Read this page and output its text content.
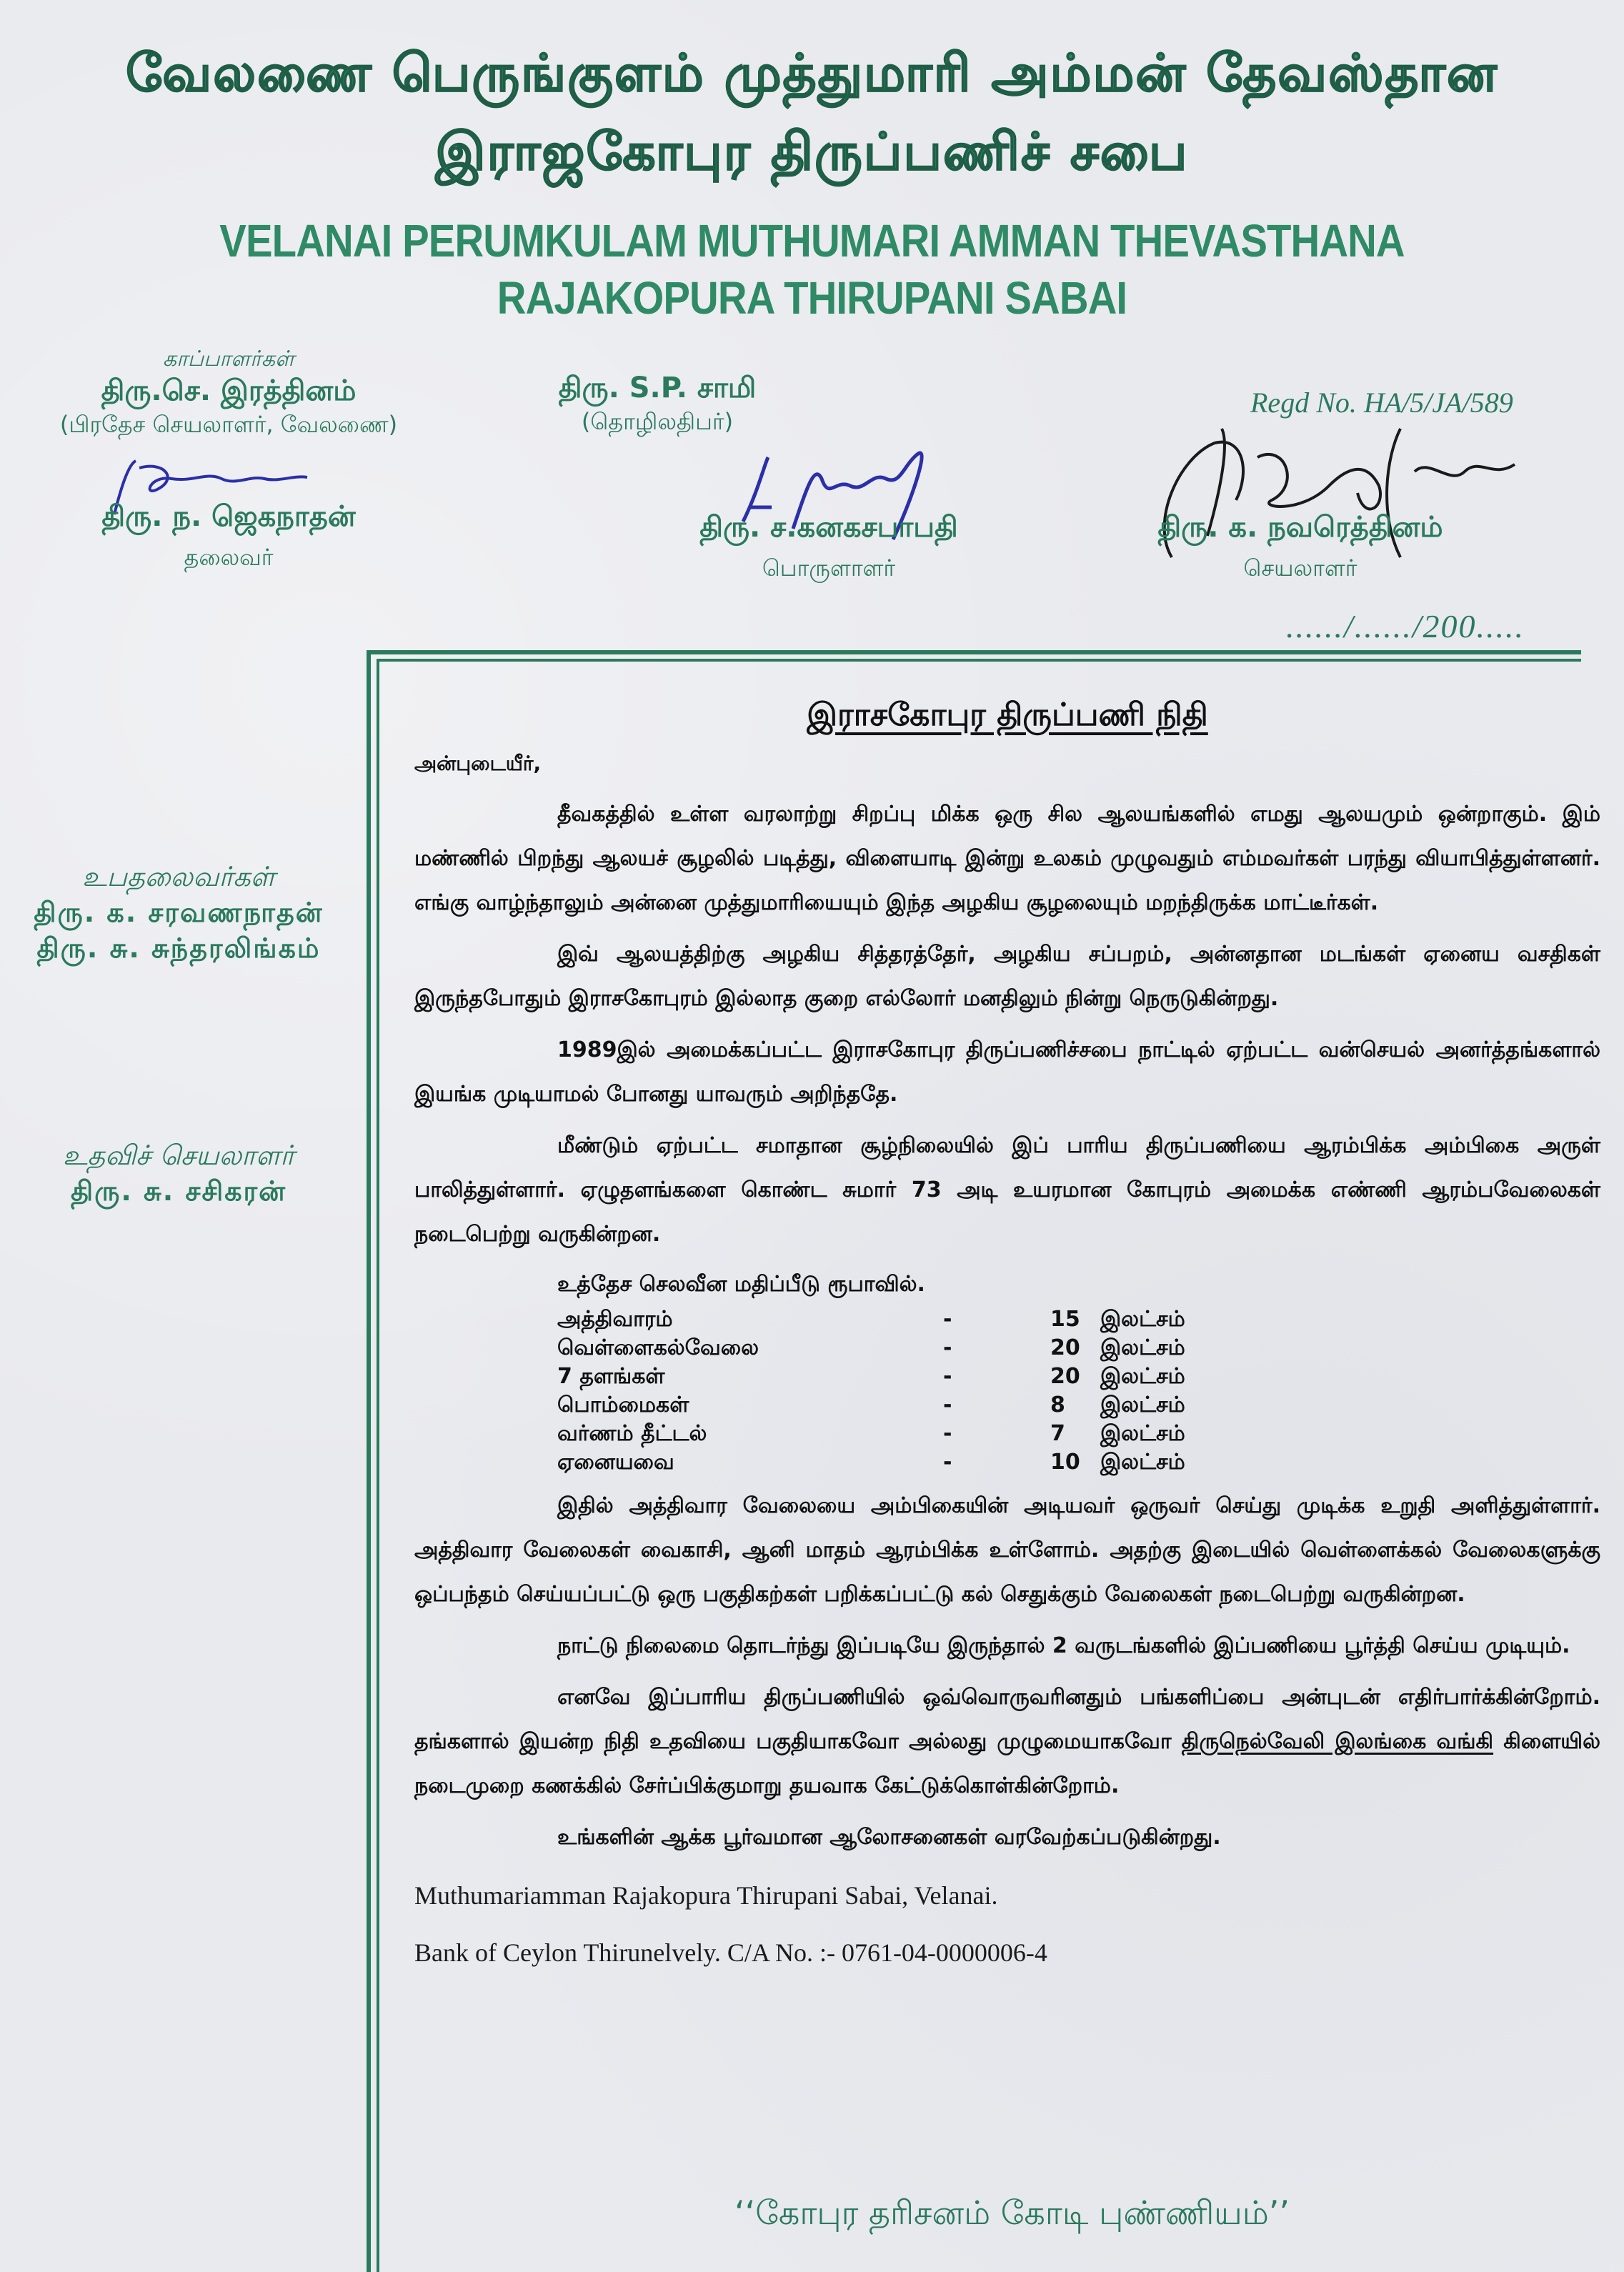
வேலணை பெருங்குளம் முத்துமாரி அம்மன் தேவஸ்தான
இராஜகோபுர திருப்பணிச் சபை
VELANAI PERUMKULAM MUTHUMARI AMMAN THEVASTHANA
RAJAKOPURA THIRUPANI SABAI
காப்பாளர்கள்
திரு.செ. இரத்தினம்
(பிரதேச செயலாளர், வேலணை)
திரு. S.P. சாமி
(தொழிலதிபர்)
Regd No. HA/5/JA/589
திரு. ந. ஜெகநாதன்
தலைவர்
திரு. ச.கனகசபாபதி
பொருளாளர்
திரு. க. நவரெத்தினம்
செயலாளர்
....../....../200.....
உபதலைவர்கள்
திரு. க. சரவணநாதன்
திரு. சு. சுந்தரலிங்கம்
உதவிச் செயலாளர்
திரு. சு. சசிகரன்
இராசகோபுர திருப்பணி நிதி
அன்புடையீர்,

தீவகத்தில் உள்ள வரலாற்று சிறப்பு மிக்க ஒரு சில ஆலயங்களில் எமது ஆலயமும் ஒன்றாகும். இம் மண்ணில் பிறந்து ஆலயச் சூழலில் படித்து, விளையாடி இன்று உலகம் முழுவதும் எம்மவர்கள் பரந்து வியாபித்துள்ளனர். எங்கு வாழ்ந்தாலும் அன்னை முத்துமாரியையும் இந்த அழகிய சூழலையும் மறந்திருக்க மாட்டீர்கள்.

இவ் ஆலயத்திற்கு அழகிய சித்தரத்தேர், அழகிய சப்பறம், அன்னதான மடங்கள் ஏனைய வசதிகள் இருந்தபோதும் இராசகோபுரம் இல்லாத குறை எல்லோர் மனதிலும் நின்று நெருடுகின்றது.

1989இல் அமைக்கப்பட்ட இராசகோபுர திருப்பணிச்சபை நாட்டில் ஏற்பட்ட வன்செயல் அனர்த்தங்களால் இயங்க முடியாமல் போனது யாவரும் அறிந்ததே.

மீண்டும் ஏற்பட்ட சமாதான சூழ்நிலையில் இப் பாரிய திருப்பணியை ஆரம்பிக்க அம்பிகை அருள் பாலித்துள்ளார். ஏழுதளங்களை கொண்ட சுமார் 73 அடி உயரமான கோபுரம் அமைக்க எண்ணி ஆரம்பவேலைகள் நடைபெற்று வருகின்றன.

உத்தேச செலவீன மதிப்பீடு ரூபாவில்.
அத்திவாரம்	-	15 இலட்சம்
வெள்ளைகல்வேலை	-	20 இலட்சம்
7 தளங்கள்	-	20 இலட்சம்
பொம்மைகள்	-	8	இலட்சம்
வர்ணம் தீட்டல்	-	7	இலட்சம்
ஏனையவை	-	10 இலட்சம்

இதில் அத்திவார வேலையை அம்பிகையின் அடியவர் ஒருவர் செய்து முடிக்க உறுதி அளித்துள்ளார். அத்திவார வேலைகள் வைகாசி, ஆனி மாதம் ஆரம்பிக்க உள்ளோம். அதற்கு இடையில் வெள்ளைக்கல் வேலைகளுக்கு ஒப்பந்தம் செய்யப்பட்டு ஒரு பகுதிகற்கள் பறிக்கப்பட்டு கல் செதுக்கும் வேலைகள் நடைபெற்று வருகின்றன.

நாட்டு நிலைமை தொடர்ந்து இப்படியே இருந்தால் 2 வருடங்களில் இப்பணியை பூர்த்தி செய்ய முடியும்.

எனவே இப்பாரிய திருப்பணியில் ஒவ்வொருவரினதும் பங்களிப்பை அன்புடன் எதிர்பார்க்கின்றோம். தங்களால் இயன்ற நிதி உதவியை பகுதியாகவோ அல்லது முழுமையாகவோ திருநெல்வேலி இலங்கை வங்கி கிளையில் நடைமுறை கணக்கில் சேர்ப்பிக்குமாறு தயவாக கேட்டுக்கொள்கின்றோம்.

உங்களின் ஆக்க பூர்வமான ஆலோசனைகள் வரவேற்கப்படுகின்றது.

Muthumariamman Rajakopura Thirupani Sabai, Velanai.
Bank of Ceylon Thirunelvely. C/A No. :- 0761-04-0000006-4
‘‘கோபுர தரிசனம் கோடி புண்ணியம்’’
